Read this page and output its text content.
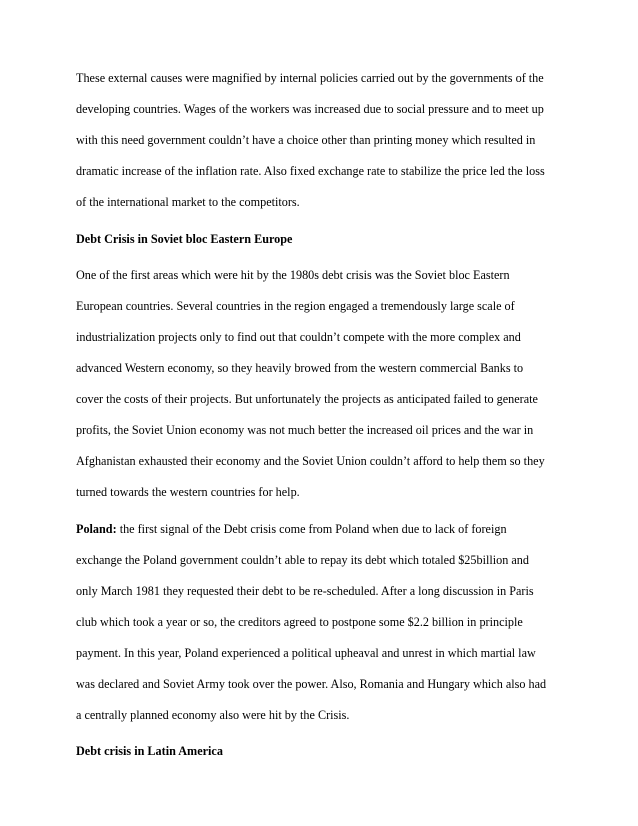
These external causes were magnified by internal policies carried out by the governments of the
developing countries. Wages of the workers was increased due to social pressure and to meet up
with this need government couldn’t have a choice other than printing money which resulted in
dramatic increase of the inflation rate. Also fixed exchange rate to stabilize the price led the loss
of the international market to the competitors.
Debt Crisis in Soviet bloc Eastern Europe
One of the first areas which were hit by the 1980s debt crisis was the Soviet bloc Eastern
European countries. Several countries in the region engaged a tremendously large scale of
industrialization projects only to find out that couldn’t compete with the more complex and
advanced Western economy, so they heavily browed from the western commercial Banks to
cover the costs of their projects. But unfortunately the projects as anticipated failed to generate
profits, the Soviet Union economy was not much better the increased oil prices and the war in
Afghanistan exhausted their economy and the Soviet Union couldn’t afford to help them so they
turned towards the western countries for help.
Poland: the first signal of the Debt crisis come from Poland when due to lack of foreign
exchange the Poland government couldn’t able to repay its debt which totaled $25billion and
only March 1981 they requested their debt to be re-scheduled. After a long discussion in Paris
club which took a year or so, the creditors agreed to postpone some $2.2 billion in principle
payment. In this year, Poland experienced a political upheaval and unrest in which martial law
was declared and Soviet Army took over the power. Also, Romania and Hungary which also had
a centrally planned economy also were hit by the Crisis.
Debt crisis in Latin America
